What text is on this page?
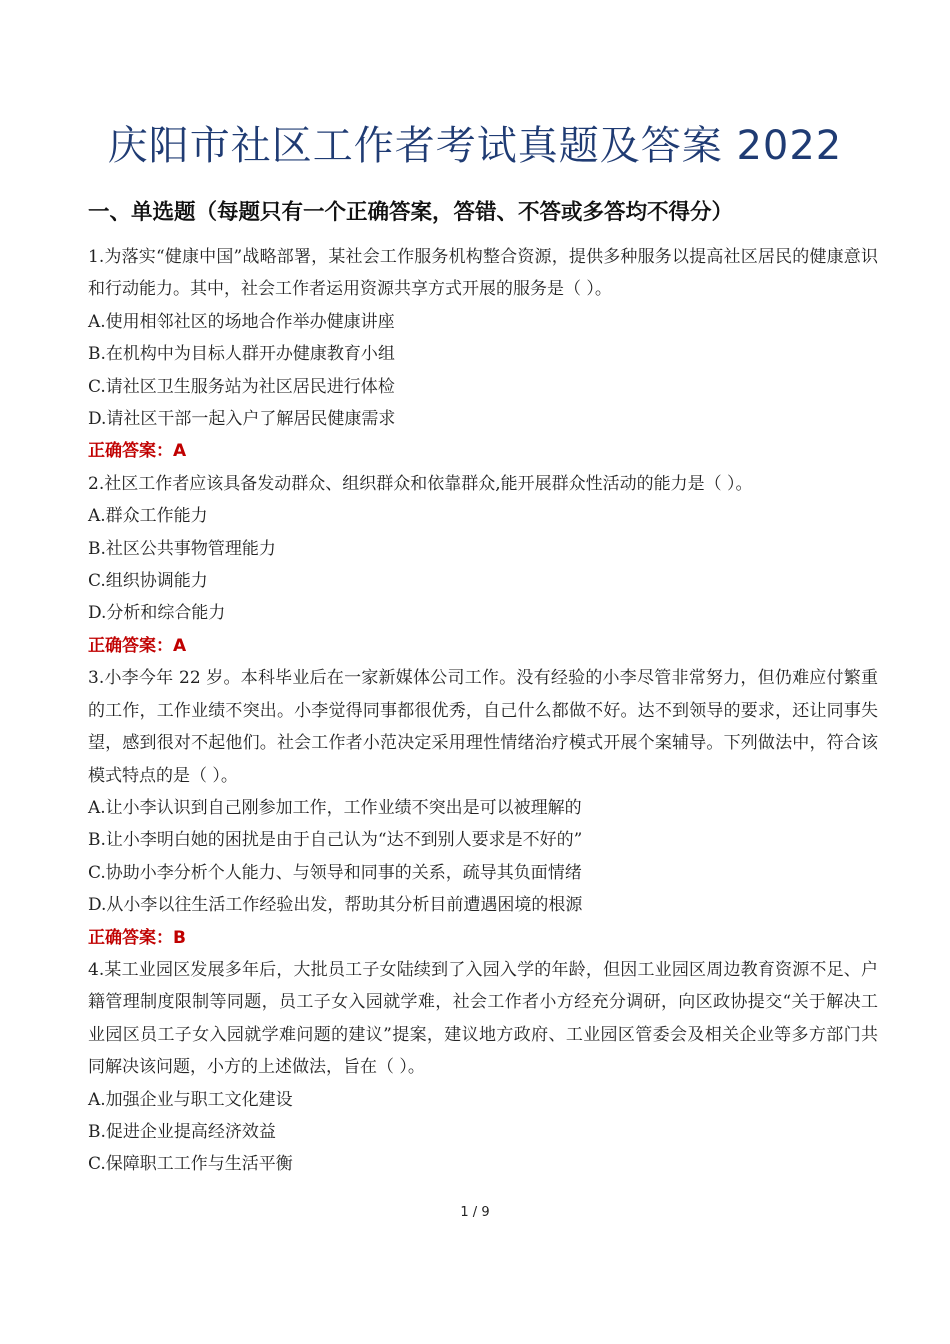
庆阳市社区工作者考试真题及答案 2022
一、单选题（每题只有一个正确答案，答错、不答或多答均不得分）

1.为落实“健康中国”战略部署，某社会工作服务机构整合资源，提供多种服务以提高社区居民的健康意识和行动能力。其中，社会工作者运用资源共享方式开展的服务是（ ）。

A.使用相邻社区的场地合作举办健康讲座

B.在机构中为目标人群开办健康教育小组

C.请社区卫生服务站为社区居民进行体检

D.请社区干部一起入户了解居民健康需求

正确答案：A

2.社区工作者应该具备发动群众、组织群众和依靠群众,能开展群众性活动的能力是（ ）。

A.群众工作能力

B.社区公共事物管理能力

C.组织协调能力

D.分析和综合能力

正确答案：A

3.小李今年 22 岁。本科毕业后在一家新媒体公司工作。没有经验的小李尽管非常努力，但仍难应付繁重的工作，工作业绩不突出。小李觉得同事都很优秀，自己什么都做不好。达不到领导的要求，还让同事失望，感到很对不起他们。社会工作者小范决定采用理性情绪治疗模式开展个案辅导。下列做法中，符合该模式特点的是（ ）。

A.让小李认识到自己刚参加工作，工作业绩不突出是可以被理解的

B.让小李明白她的困扰是由于自己认为“达不到别人要求是不好的”

C.协助小李分析个人能力、与领导和同事的关系，疏导其负面情绪

D.从小李以往生活工作经验出发，帮助其分析目前遭遇困境的根源

正确答案：B

4.某工业园区发展多年后，大批员工子女陆续到了入园入学的年龄，但因工业园区周边教育资源不足、户籍管理制度限制等同题，员工子女入园就学难，社会工作者小方经充分调研，向区政协提交“关于解决工业园区员工子女入园就学难问题的建议”提案，建议地方政府、工业园区管委会及相关企业等多方部门共同解决该问题，小方的上述做法，旨在（ ）。

A.加强企业与职工文化建设

B.促进企业提高经济效益

C.保障职工工作与生活平衡

1 / 9
